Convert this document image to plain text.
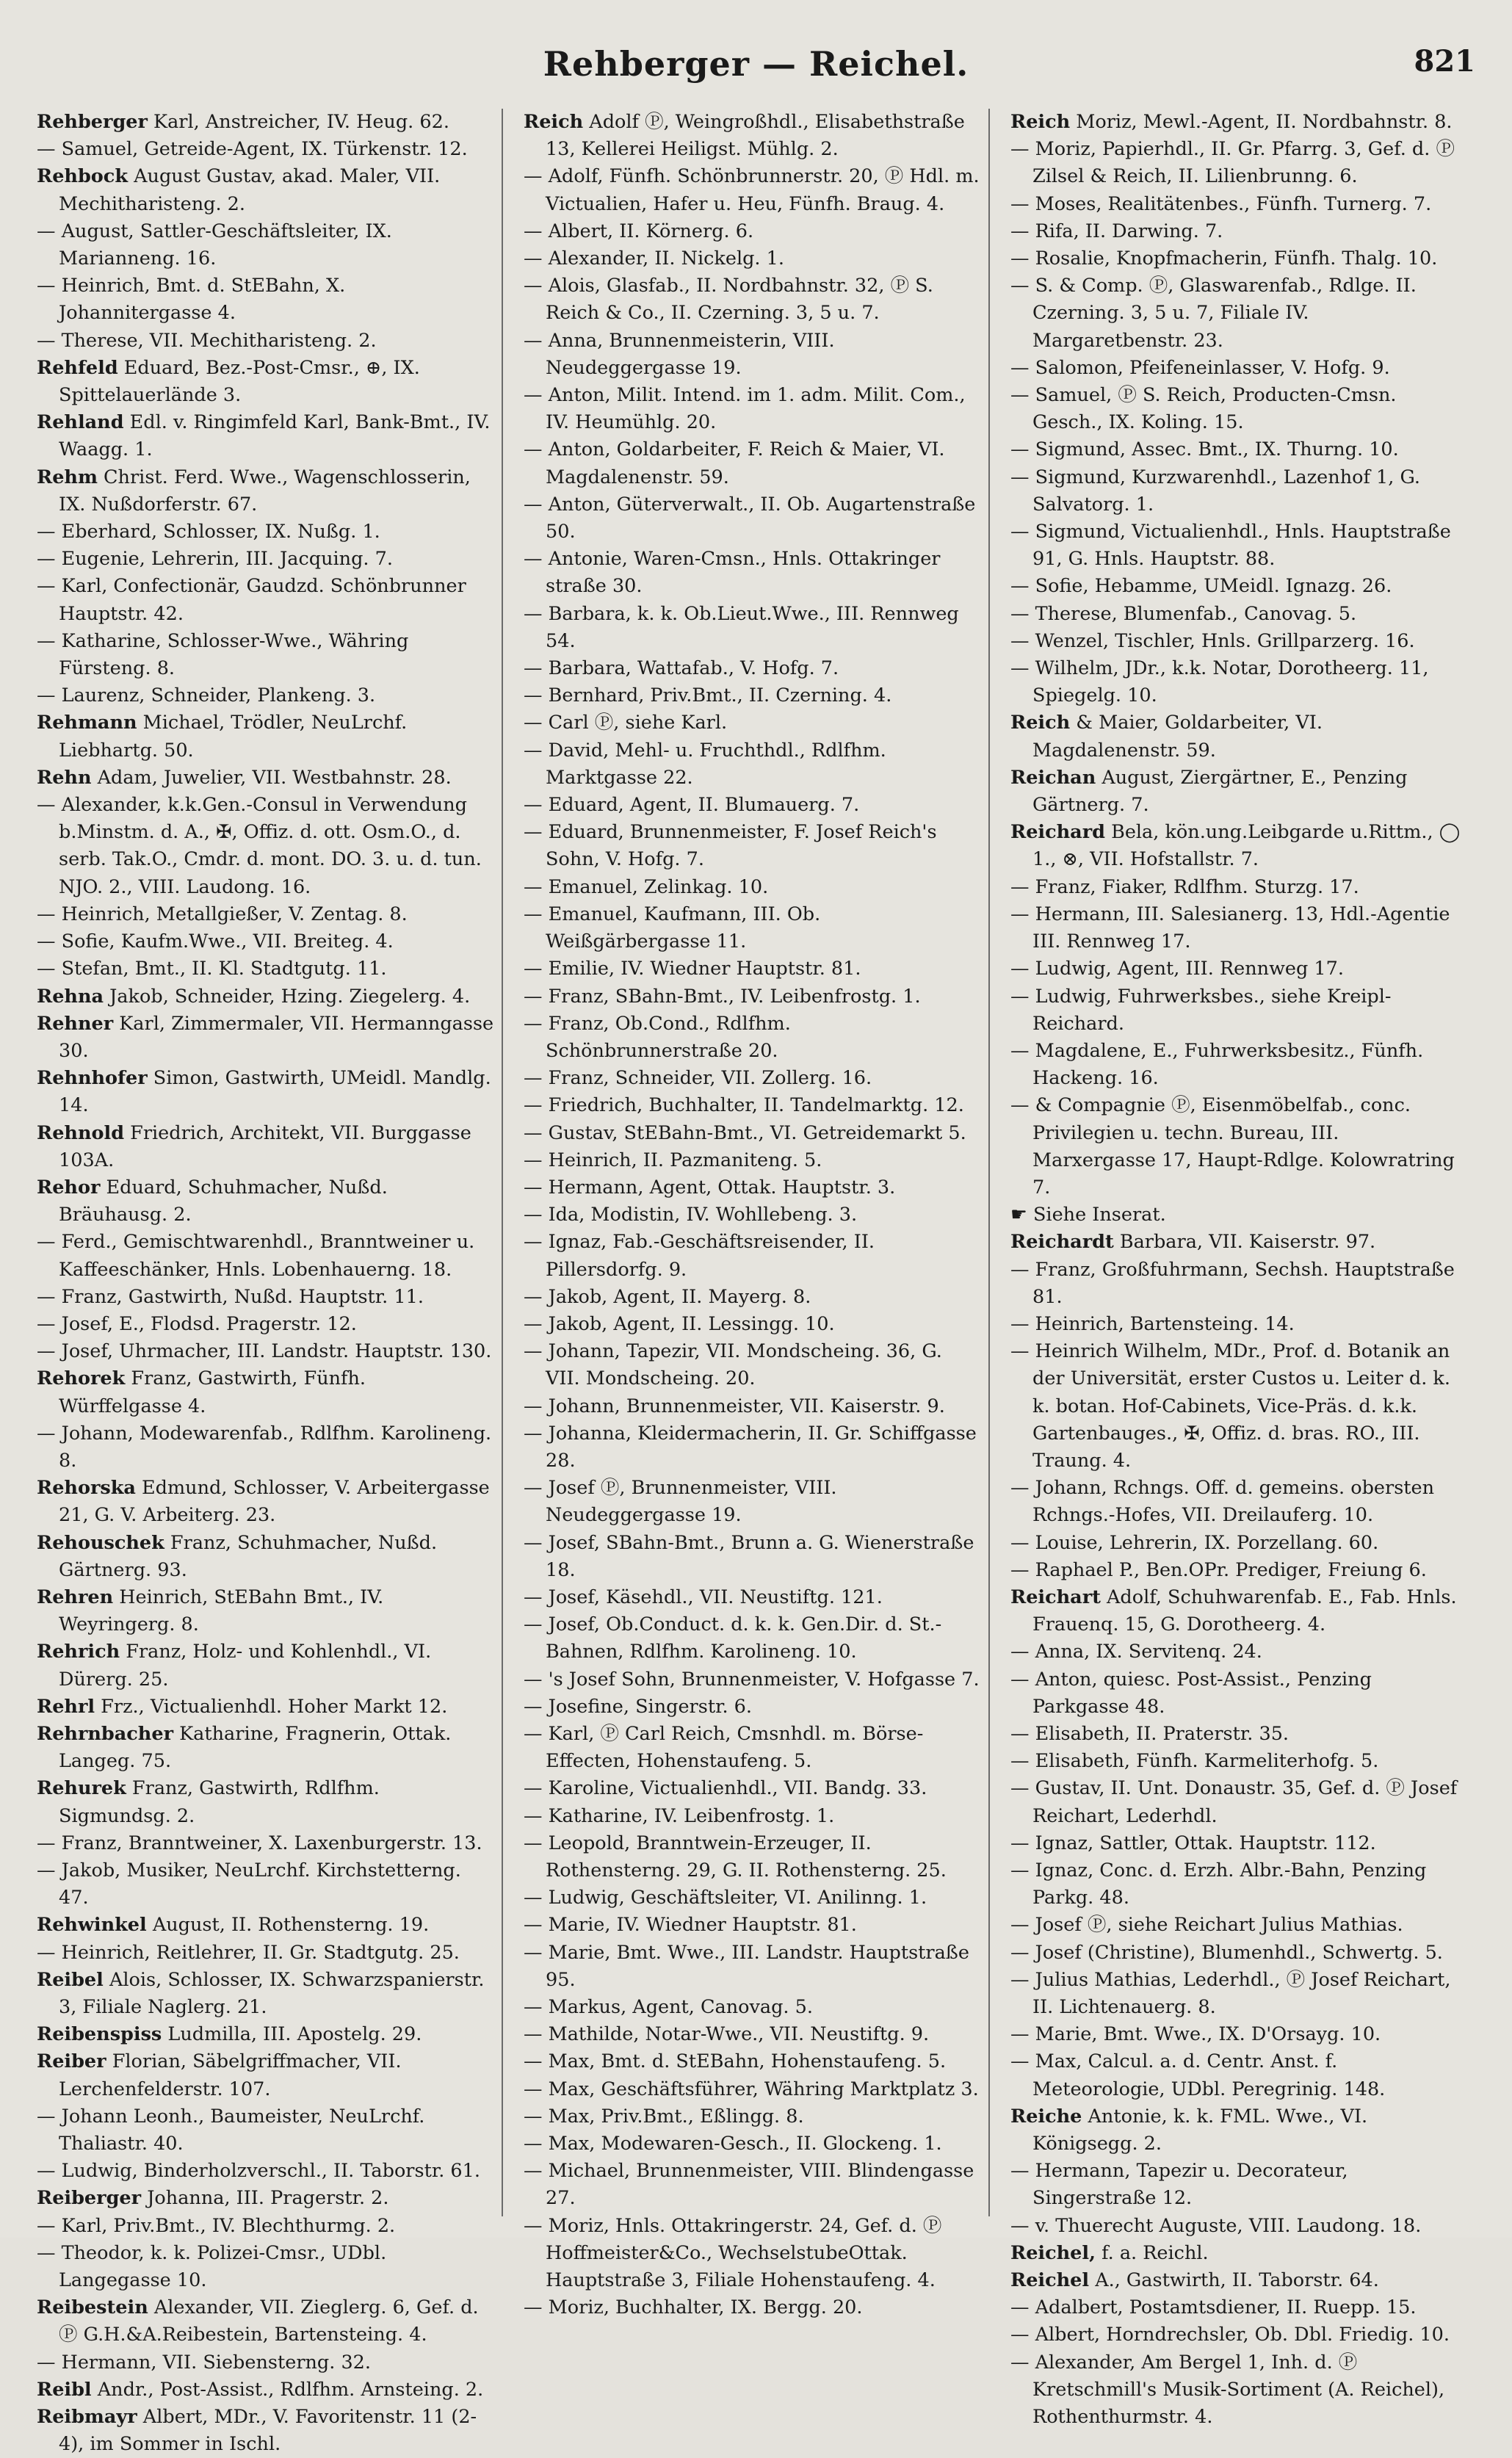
Rehberger — Reichel.	821

Rehberger Karl, Anstreicher, IV. Heug. 62.

— Samuel, Getreide-Agent, IX. Türkenstr. 12.

Rehbock August Gustav, akad. Maler, VII. Mechitharisteng. 2.

— August, Sattler-Geschäftsleiter, IX. Marianneng. 16.

— Heinrich, Bmt. d. StEBahn, X. Johannitergasse 4.

— Therese, VII. Mechitharisteng. 2.

Rehfeld Eduard, Bez.-Post-Cmsr., ⊕, IX. Spittelauerlände 3.

Rehland Edl. v. Ringimfeld Karl, Bank-Bmt., IV. Waagg. 1.

Rehm Christ. Ferd. Wwe., Wagenschlosserin, IX. Nußdorferstr. 67.

— Eberhard, Schlosser, IX. Nußg. 1.

— Eugenie, Lehrerin, III. Jacquing. 7.

— Karl, Confectionär, Gaudzd. Schönbrunner Hauptstr. 42.

— Katharine, Schlosser-Wwe., Währing Fürsteng. 8.

— Laurenz, Schneider, Plankeng. 3.

Rehmann Michael, Trödler, NeuLrchf. Liebhartg. 50.

Rehn Adam, Juwelier, VII. Westbahnstr. 28.

— Alexander, k.k.Gen.-Consul in Verwendung b.Minstm. d. A., ✠, Offiz. d. ott. Osm.O., d. serb. Tak.O., Cmdr. d. mont. DO. 3. u. d. tun. NJO. 2., VIII. Laudong. 16.

— Heinrich, Metallgießer, V. Zentag. 8.

— Sofie, Kaufm.Wwe., VII. Breiteg. 4.

— Stefan, Bmt., II. Kl. Stadtgutg. 11.

Rehna Jakob, Schneider, Hzing. Ziegelerg. 4.

Rehner Karl, Zimmermaler, VII. Hermanngasse 30.

Rehnhofer Simon, Gastwirth, UMeidl. Mandlg. 14.

Rehnold Friedrich, Architekt, VII. Burggasse 103A.

Rehor Eduard, Schuhmacher, Nußd. Bräuhausg. 2.

— Ferd., Gemischtwarenhdl., Branntweiner u. Kaffeeschänker, Hnls. Lobenhauerng. 18.

— Franz, Gastwirth, Nußd. Hauptstr. 11.

— Josef, E., Flodsd. Pragerstr. 12.

— Josef, Uhrmacher, III. Landstr. Hauptstr. 130.

Rehorek Franz, Gastwirth, Fünfh. Würffelgasse 4.

— Johann, Modewarenfab., Rdlfhm. Karolineng. 8.

Rehorska Edmund, Schlosser, V. Arbeitergasse 21, G. V. Arbeiterg. 23.

Rehouschek Franz, Schuhmacher, Nußd. Gärtnerg. 93.

Rehren Heinrich, StEBahn Bmt., IV. Weyringerg. 8.

Rehrich Franz, Holz- und Kohlenhdl., VI. Dürerg. 25.

Rehrl Frz., Victualienhdl. Hoher Markt 12.

Rehrnbacher Katharine, Fragnerin, Ottak. Langeg. 75.

Rehurek Franz, Gastwirth, Rdlfhm. Sigmundsg. 2.

— Franz, Branntweiner, X. Laxenburgerstr. 13.

— Jakob, Musiker, NeuLrchf. Kirchstetterng. 47.

Rehwinkel August, II. Rothensterng. 19.

— Heinrich, Reitlehrer, II. Gr. Stadtgutg. 25.

Reibel Alois, Schlosser, IX. Schwarzspanierstr. 3, Filiale Naglerg. 21.

Reibenspiss Ludmilla, III. Apostelg. 29.

Reiber Florian, Säbelgriffmacher, VII. Lerchenfelderstr. 107.

— Johann Leonh., Baumeister, NeuLrchf. Thaliastr. 40.

— Ludwig, Binderholzverschl., II. Taborstr. 61.

Reiberger Johanna, III. Pragerstr. 2.

— Karl, Priv.Bmt., IV. Blechthurmg. 2.

— Theodor, k. k. Polizei-Cmsr., UDbl. Langegasse 10.

Reibestein Alexander, VII. Zieglerg. 6, Gef. d. Ⓟ G.H.&A.Reibestein, Bartensteing. 4.

— Hermann, VII. Siebensterng. 32.

Reibl Andr., Post-Assist., Rdlfhm. Arnsteing. 2.

Reibmayr Albert, MDr., V. Favoritenstr. 11 (2-4), im Sommer in Ischl.

Reich Adolf Ⓟ, Weingroßhdl., Elisabethstraße 13, Kellerei Heiligst. Mühlg. 2.

— Adolf, Fünfh. Schönbrunnerstr. 20, Ⓟ Hdl. m. Victualien, Hafer u. Heu, Fünfh. Braug. 4.

— Albert, II. Körnerg. 6.

— Alexander, II. Nickelg. 1.

— Alois, Glasfab., II. Nordbahnstr. 32, Ⓟ S. Reich & Co., II. Czerning. 3, 5 u. 7.

— Anna, Brunnenmeisterin, VIII. Neudeggergasse 19.

— Anton, Milit. Intend. im 1. adm. Milit. Com., IV. Heumühlg. 20.

— Anton, Goldarbeiter, F. Reich & Maier, VI. Magdalenenstr. 59.

— Anton, Güterverwalt., II. Ob. Augartenstraße 50.

— Antonie, Waren-Cmsn., Hnls. Ottakringer straße 30.

— Barbara, k. k. Ob.Lieut.Wwe., III. Rennweg 54.

— Barbara, Wattafab., V. Hofg. 7.

— Bernhard, Priv.Bmt., II. Czerning. 4.

— Carl Ⓟ, siehe Karl.

— David, Mehl- u. Fruchthdl., Rdlfhm. Marktgasse 22.

— Eduard, Agent, II. Blumauerg. 7.

— Eduard, Brunnenmeister, F. Josef Reich's Sohn, V. Hofg. 7.

— Emanuel, Zelinkag. 10.

— Emanuel, Kaufmann, III. Ob. Weißgärbergasse 11.

— Emilie, IV. Wiedner Hauptstr. 81.

— Franz, SBahn-Bmt., IV. Leibenfrostg. 1.

— Franz, Ob.Cond., Rdlfhm. Schönbrunnerstraße 20.

— Franz, Schneider, VII. Zollerg. 16.

— Friedrich, Buchhalter, II. Tandelmarktg. 12.

— Gustav, StEBahn-Bmt., VI. Getreidemarkt 5.

— Heinrich, II. Pazmaniteng. 5.

— Hermann, Agent, Ottak. Hauptstr. 3.

— Ida, Modistin, IV. Wohllebeng. 3.

— Ignaz, Fab.-Geschäftsreisender, II. Pillersdorfg. 9.

— Jakob, Agent, II. Mayerg. 8.

— Jakob, Agent, II. Lessingg. 10.

— Johann, Tapezir, VII. Mondscheing. 36, G. VII. Mondscheing. 20.

— Johann, Brunnenmeister, VII. Kaiserstr. 9.

— Johanna, Kleidermacherin, II. Gr. Schiffgasse 28.

— Josef Ⓟ, Brunnenmeister, VIII. Neudeggergasse 19.

— Josef, SBahn-Bmt., Brunn a. G. Wienerstraße 18.

— Josef, Käsehdl., VII. Neustiftg. 121.

— Josef, Ob.Conduct. d. k. k. Gen.Dir. d. St.-Bahnen, Rdlfhm. Karolineng. 10.

— 's Josef Sohn, Brunnenmeister, V. Hofgasse 7.

— Josefine, Singerstr. 6.

— Karl, Ⓟ Carl Reich, Cmsnhdl. m. Börse-Effecten, Hohenstaufeng. 5.

— Karoline, Victualienhdl., VII. Bandg. 33.

— Katharine, IV. Leibenfrostg. 1.

— Leopold, Branntwein-Erzeuger, II. Rothensterng. 29, G. II. Rothensterng. 25.

— Ludwig, Geschäftsleiter, VI. Anilinng. 1.

— Marie, IV. Wiedner Hauptstr. 81.

— Marie, Bmt. Wwe., III. Landstr. Hauptstraße 95.

— Markus, Agent, Canovag. 5.

— Mathilde, Notar-Wwe., VII. Neustiftg. 9.

— Max, Bmt. d. StEBahn, Hohenstaufeng. 5.

— Max, Geschäftsführer, Währing Marktplatz 3.

— Max, Priv.Bmt., Eßlingg. 8.

— Max, Modewaren-Gesch., II. Glockeng. 1.

— Michael, Brunnenmeister, VIII. Blindengasse 27.

— Moriz, Hnls. Ottakringerstr. 24, Gef. d. Ⓟ Hoffmeister&Co., WechselstubeOttak. Hauptstraße 3, Filiale Hohenstaufeng. 4.

— Moriz, Buchhalter, IX. Bergg. 20.

Reich Moriz, Mewl.-Agent, II. Nordbahnstr. 8.

— Moriz, Papierhdl., II. Gr. Pfarrg. 3, Gef. d. Ⓟ Zilsel & Reich, II. Lilienbrunng. 6.

— Moses, Realitätenbes., Fünfh. Turnerg. 7.

— Rifa, II. Darwing. 7.

— Rosalie, Knopfmacherin, Fünfh. Thalg. 10.

— S. & Comp. Ⓟ, Glaswarenfab., Rdlge. II. Czerning. 3, 5 u. 7, Filiale IV. Margaretbenstr. 23.

— Salomon, Pfeifeneinlasser, V. Hofg. 9.

— Samuel, Ⓟ S. Reich, Producten-Cmsn. Gesch., IX. Koling. 15.

— Sigmund, Assec. Bmt., IX. Thurng. 10.

— Sigmund, Kurzwarenhdl., Lazenhof 1, G. Salvatorg. 1.

— Sigmund, Victualienhdl., Hnls. Hauptstraße 91, G. Hnls. Hauptstr. 88.

— Sofie, Hebamme, UMeidl. Ignazg. 26.

— Therese, Blumenfab., Canovag. 5.

— Wenzel, Tischler, Hnls. Grillparzerg. 16.

— Wilhelm, JDr., k.k. Notar, Dorotheerg. 11, Spiegelg. 10.

Reich & Maier, Goldarbeiter, VI. Magdalenenstr. 59.

Reichan August, Ziergärtner, E., Penzing Gärtnerg. 7.

Reichard Bela, kön.ung.Leibgarde u.Rittm., ◯ 1., ⊗, VII. Hofstallstr. 7.

— Franz, Fiaker, Rdlfhm. Sturzg. 17.

— Hermann, III. Salesianerg. 13, Hdl.-Agentie III. Rennweg 17.

— Ludwig, Agent, III. Rennweg 17.

— Ludwig, Fuhrwerksbes., siehe Kreipl-Reichard.

— Magdalene, E., Fuhrwerksbesitz., Fünfh. Hackeng. 16.

— & Compagnie Ⓟ, Eisenmöbelfab., conc. Privilegien u. techn. Bureau, III. Marxergasse 17, Haupt-Rdlge. Kolowratring 7.

☛ Siehe Inserat.

Reichardt Barbara, VII. Kaiserstr. 97.

— Franz, Großfuhrmann, Sechsh. Hauptstraße 81.

— Heinrich, Bartensteing. 14.

— Heinrich Wilhelm, MDr., Prof. d. Botanik an der Universität, erster Custos u. Leiter d. k. k. botan. Hof-Cabinets, Vice-Präs. d. k.k. Gartenbauges., ✠, Offiz. d. bras. RO., III. Traung. 4.

— Johann, Rchngs. Off. d. gemeins. obersten Rchngs.-Hofes, VII. Dreilauferg. 10.

— Louise, Lehrerin, IX. Porzellang. 60.

— Raphael P., Ben.OPr. Prediger, Freiung 6.

Reichart Adolf, Schuhwarenfab. E., Fab. Hnls. Frauenq. 15, G. Dorotheerg. 4.

— Anna, IX. Servitenq. 24.

— Anton, quiesc. Post-Assist., Penzing Parkgasse 48.

— Elisabeth, II. Praterstr. 35.

— Elisabeth, Fünfh. Karmeliterhofg. 5.

— Gustav, II. Unt. Donaustr. 35, Gef. d. Ⓟ Josef Reichart, Lederhdl.

— Ignaz, Sattler, Ottak. Hauptstr. 112.

— Ignaz, Conc. d. Erzh. Albr.-Bahn, Penzing Parkg. 48.

— Josef Ⓟ, siehe Reichart Julius Mathias.

— Josef (Christine), Blumenhdl., Schwertg. 5.

— Julius Mathias, Lederhdl., Ⓟ Josef Reichart, II. Lichtenauerg. 8.

— Marie, Bmt. Wwe., IX. D'Orsayg. 10.

— Max, Calcul. a. d. Centr. Anst. f. Meteorologie, UDbl. Peregrinig. 148.

Reiche Antonie, k. k. FML. Wwe., VI. Königsegg. 2.

— Hermann, Tapezir u. Decorateur, Singerstraße 12.

— v. Thuerecht Auguste, VIII. Laudong. 18.

Reichel, f. a. Reichl.

Reichel A., Gastwirth, II. Taborstr. 64.

— Adalbert, Postamtsdiener, II. Ruepp. 15.

— Albert, Horndrechsler, Ob. Dbl. Friedig. 10.

— Alexander, Am Bergel 1, Inh. d. Ⓟ Kretschmill's Musik-Sortiment (A. Reichel), Rothenthurmstr. 4.
